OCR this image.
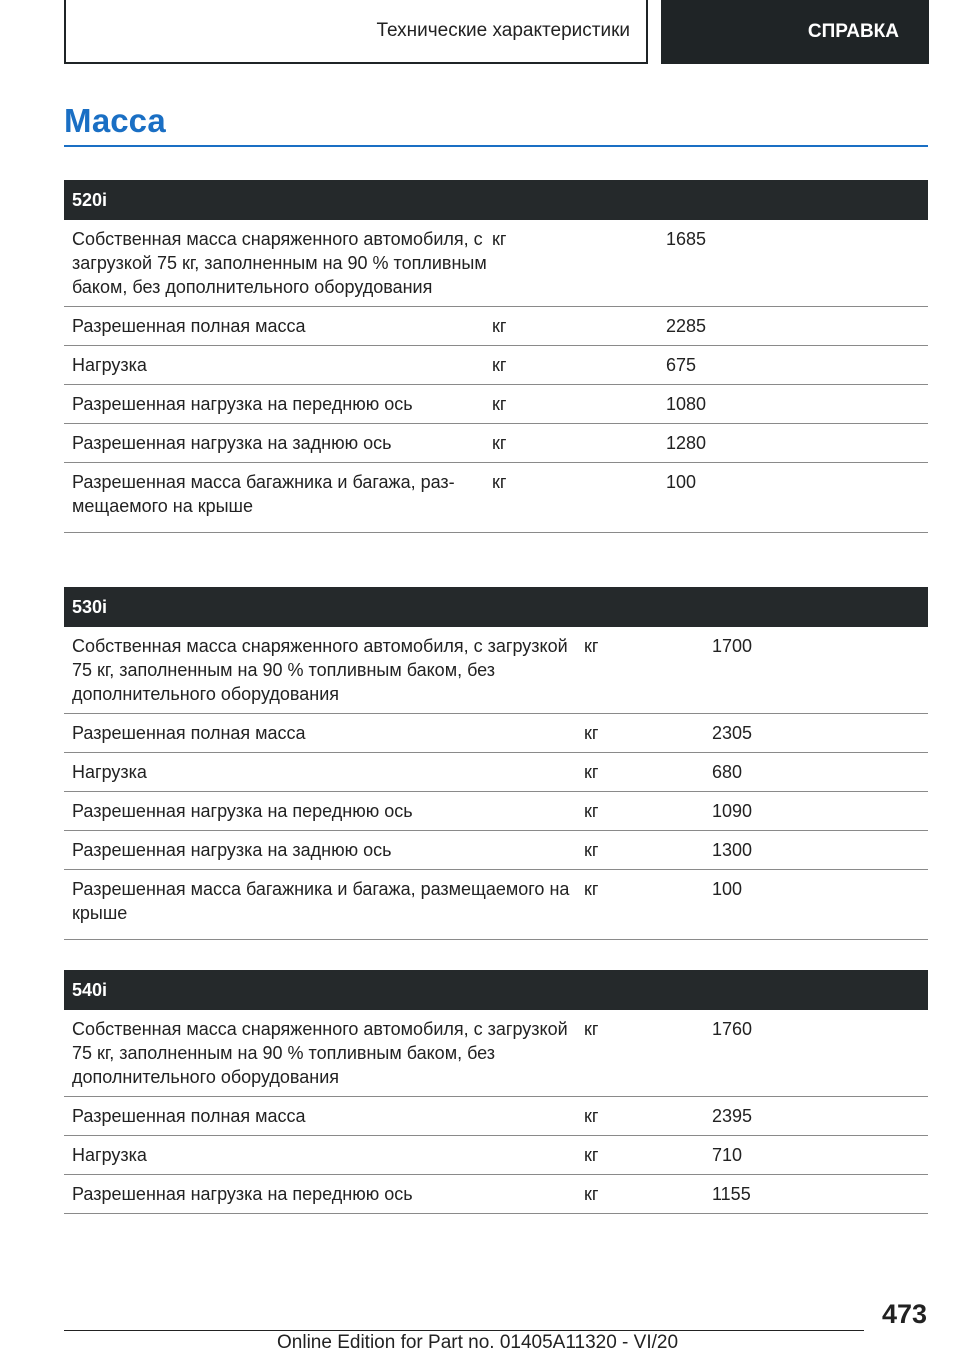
Технические характеристики	СПРАВКА
Масса
520i		
Собственная масса снаряженного автомобиля, с загрузкой 75 кг, заполненным на 90 % топливным баком, без дополнительного оборудования	кг	1685
Разрешенная полная масса	кг	2285
Нагрузка	кг	675
Разрешенная нагрузка на переднюю ось	кг	1080
Разрешенная нагрузка на заднюю ось	кг	1280
Разрешенная масса багажника и багажа, размещаемого на крыше	кг	100
530i		
Собственная масса снаряженного автомобиля, с загрузкой 75 кг, заполненным на 90 % топливным баком, без дополнительного оборудования	кг	1700
Разрешенная полная масса	кг	2305
Нагрузка	кг	680
Разрешенная нагрузка на переднюю ось	кг	1090
Разрешенная нагрузка на заднюю ось	кг	1300
Разрешенная масса багажника и багажа, размещаемого на крыше	кг	100
540i		
Собственная масса снаряженного автомобиля, с загрузкой 75 кг, заполненным на 90 % топливным баком, без дополнительного оборудования	кг	1760
Разрешенная полная масса	кг	2395
Нагрузка	кг	710
Разрешенная нагрузка на переднюю ось	кг	1155
473
Online Edition for Part no. 01405A11320 - VI/20
